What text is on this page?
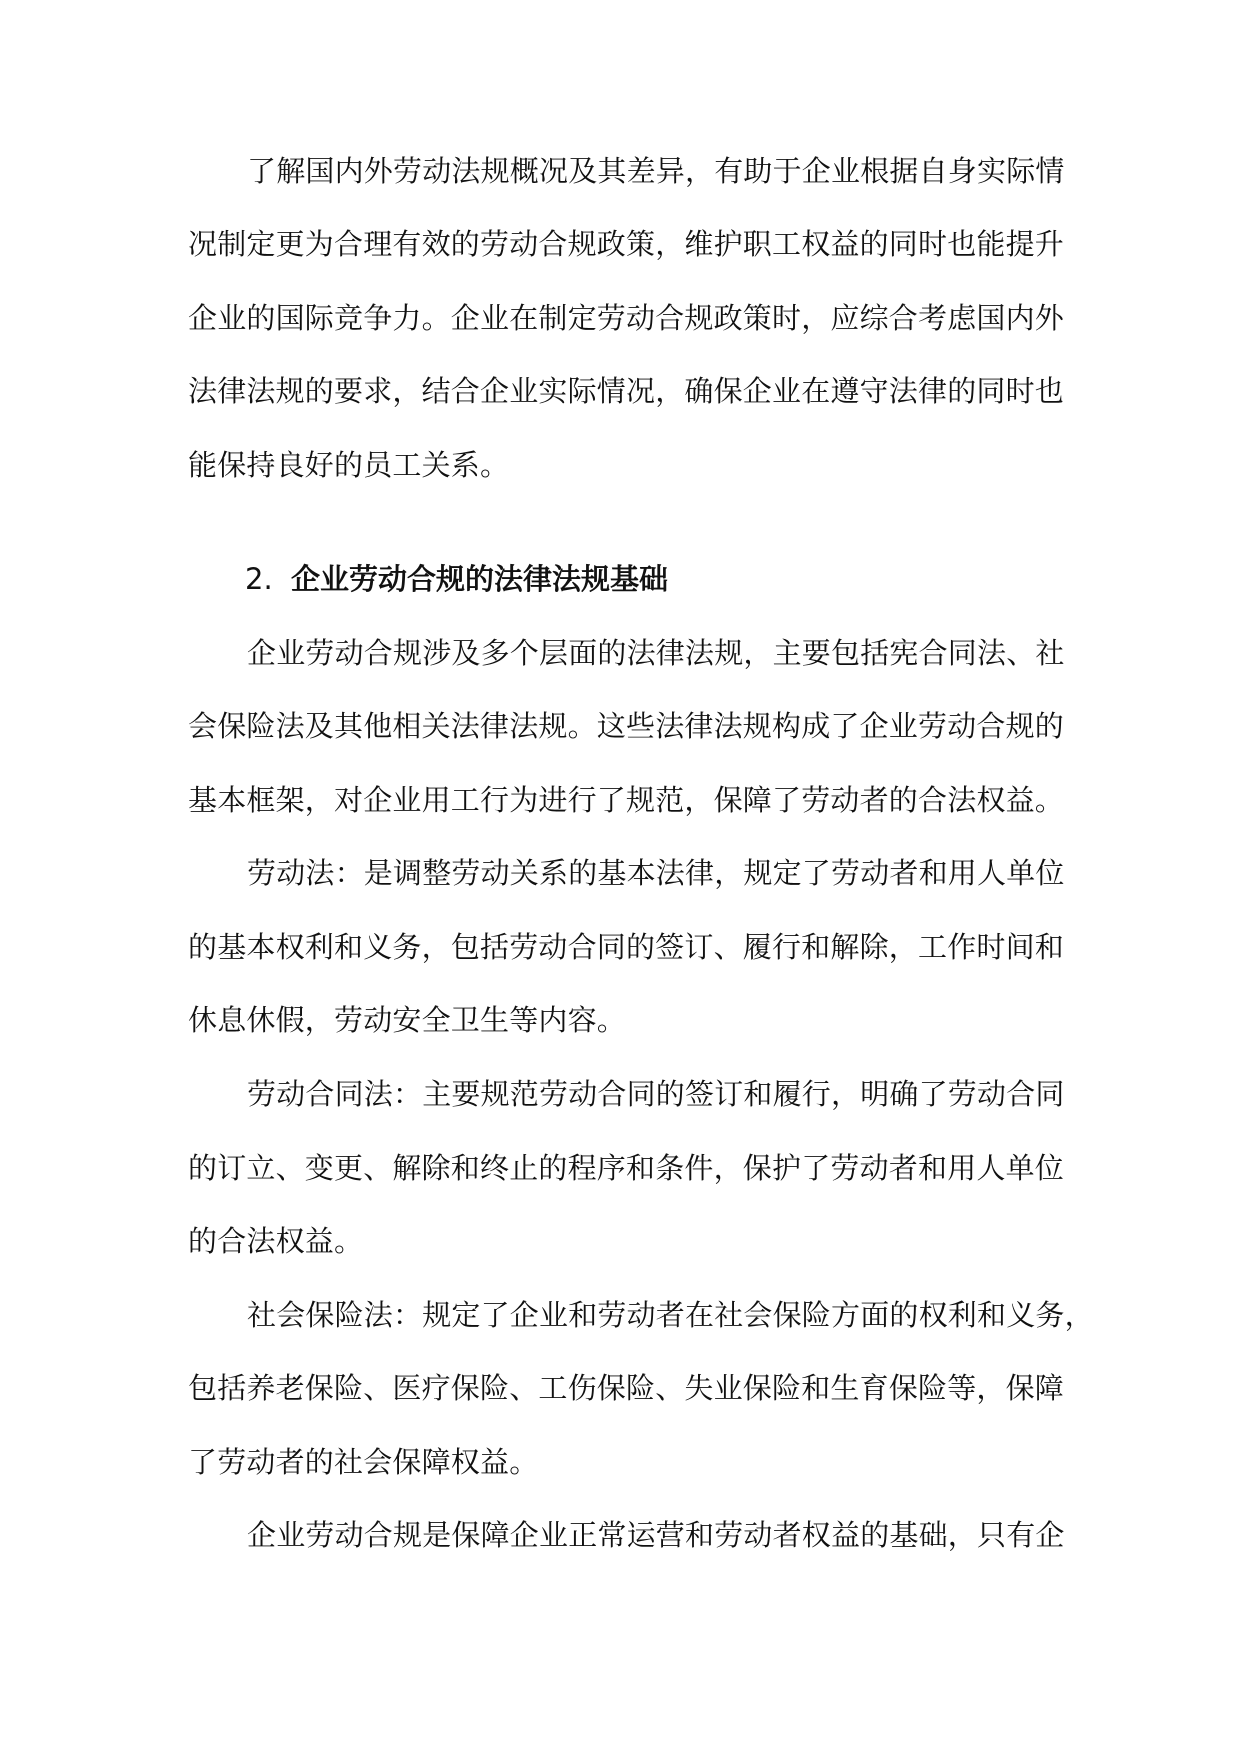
了解国内外劳动法规概况及其差异，有助于企业根据自身实际情
况制定更为合理有效的劳动合规政策，维护职工权益的同时也能提升
企业的国际竞争力。企业在制定劳动合规政策时，应综合考虑国内外
法律法规的要求，结合企业实际情况，确保企业在遵守法律的同时也
能保持良好的员工关系。
2. 企业劳动合规的法律法规基础
企业劳动合规涉及多个层面的法律法规，主要包括宪合同法、社
会保险法及其他相关法律法规。这些法律法规构成了企业劳动合规的
基本框架，对企业用工行为进行了规范，保障了劳动者的合法权益。
劳动法：是调整劳动关系的基本法律，规定了劳动者和用人单位
的基本权利和义务，包括劳动合同的签订、履行和解除，工作时间和
休息休假，劳动安全卫生等内容。
劳动合同法：主要规范劳动合同的签订和履行，明确了劳动合同
的订立、变更、解除和终止的程序和条件，保护了劳动者和用人单位
的合法权益。
社会保险法：规定了企业和劳动者在社会保险方面的权利和义务，
包括养老保险、医疗保险、工伤保险、失业保险和生育保险等，保障
了劳动者的社会保障权益。
企业劳动合规是保障企业正常运营和劳动者权益的基础，只有企
